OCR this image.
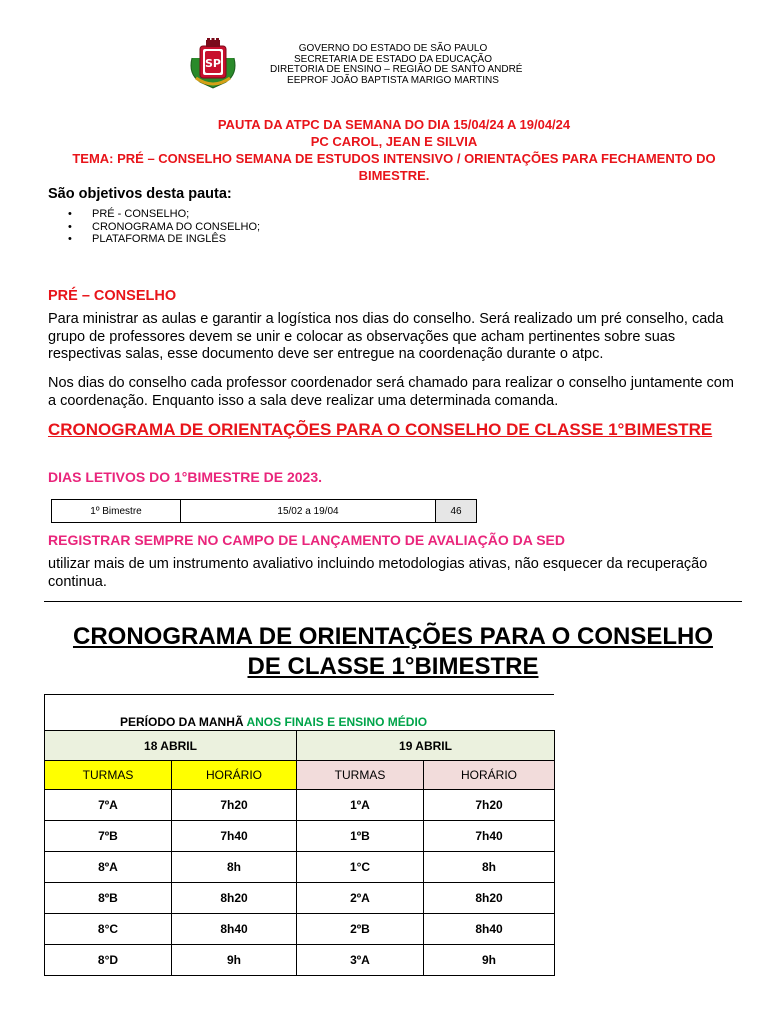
SP
GOVERNO DO ESTADO DE SÃO PAULO
SECRETARIA DE ESTADO DA EDUCAÇÃO
DIRETORIA DE ENSINO – REGIÃO DE SANTO ANDRÉ
EEPROF JOÃO BAPTISTA MARIGO MARTINS
PAUTA DA ATPC DA SEMANA DO DIA 15/04/24 A 19/04/24
PC CAROL, JEAN E SILVIA
TEMA: PRÉ – CONSELHO SEMANA DE ESTUDOS INTENSIVO / ORIENTAÇÕES PARA FECHAMENTO DO BIMESTRE.
São objetivos desta pauta:
• PRÉ - CONSELHO;
• CRONOGRAMA DO CONSELHO;
• PLATAFORMA DE INGLÊS
PRÉ – CONSELHO
Para ministrar as aulas e garantir a logística nos dias do conselho. Será realizado um pré conselho, cada grupo de professores devem se unir e colocar as observações que acham pertinentes sobre suas respectivas salas, esse documento deve ser entregue na coordenação durante o atpc.
Nos dias do conselho cada professor coordenador será chamado para realizar o conselho juntamente com a coordenação. Enquanto isso a sala deve realizar uma determinada comanda.
CRONOGRAMA DE ORIENTAÇÕES PARA O CONSELHO DE CLASSE 1°BIMESTRE
DIAS LETIVOS DO 1°BIMESTRE DE 2023.
1º Bimestre	15/02 a 19/04	46
REGISTRAR SEMPRE NO CAMPO DE LANÇAMENTO DE AVALIAÇÃO DA SED
utilizar mais de um instrumento avaliativo incluindo metodologias ativas, não esquecer da recuperação continua.
CRONOGRAMA DE ORIENTAÇÕES PARA O CONSELHO
DE CLASSE 1°BIMESTRE
PERÍODO DA MANHÃ ANOS FINAIS E ENSINO MÉDIO
18 ABRIL		19 ABRIL	
TURMAS	HORÁRIO	TURMAS	HORÁRIO
7ºA	7h20	1ºA	7h20
7ºB	7h40	1ºB	7h40
8ºA	8h	1°C	8h
8ºB	8h20	2ºA	8h20
8°C	8h40	2ºB	8h40
8°D	9h	3ºA	9h
